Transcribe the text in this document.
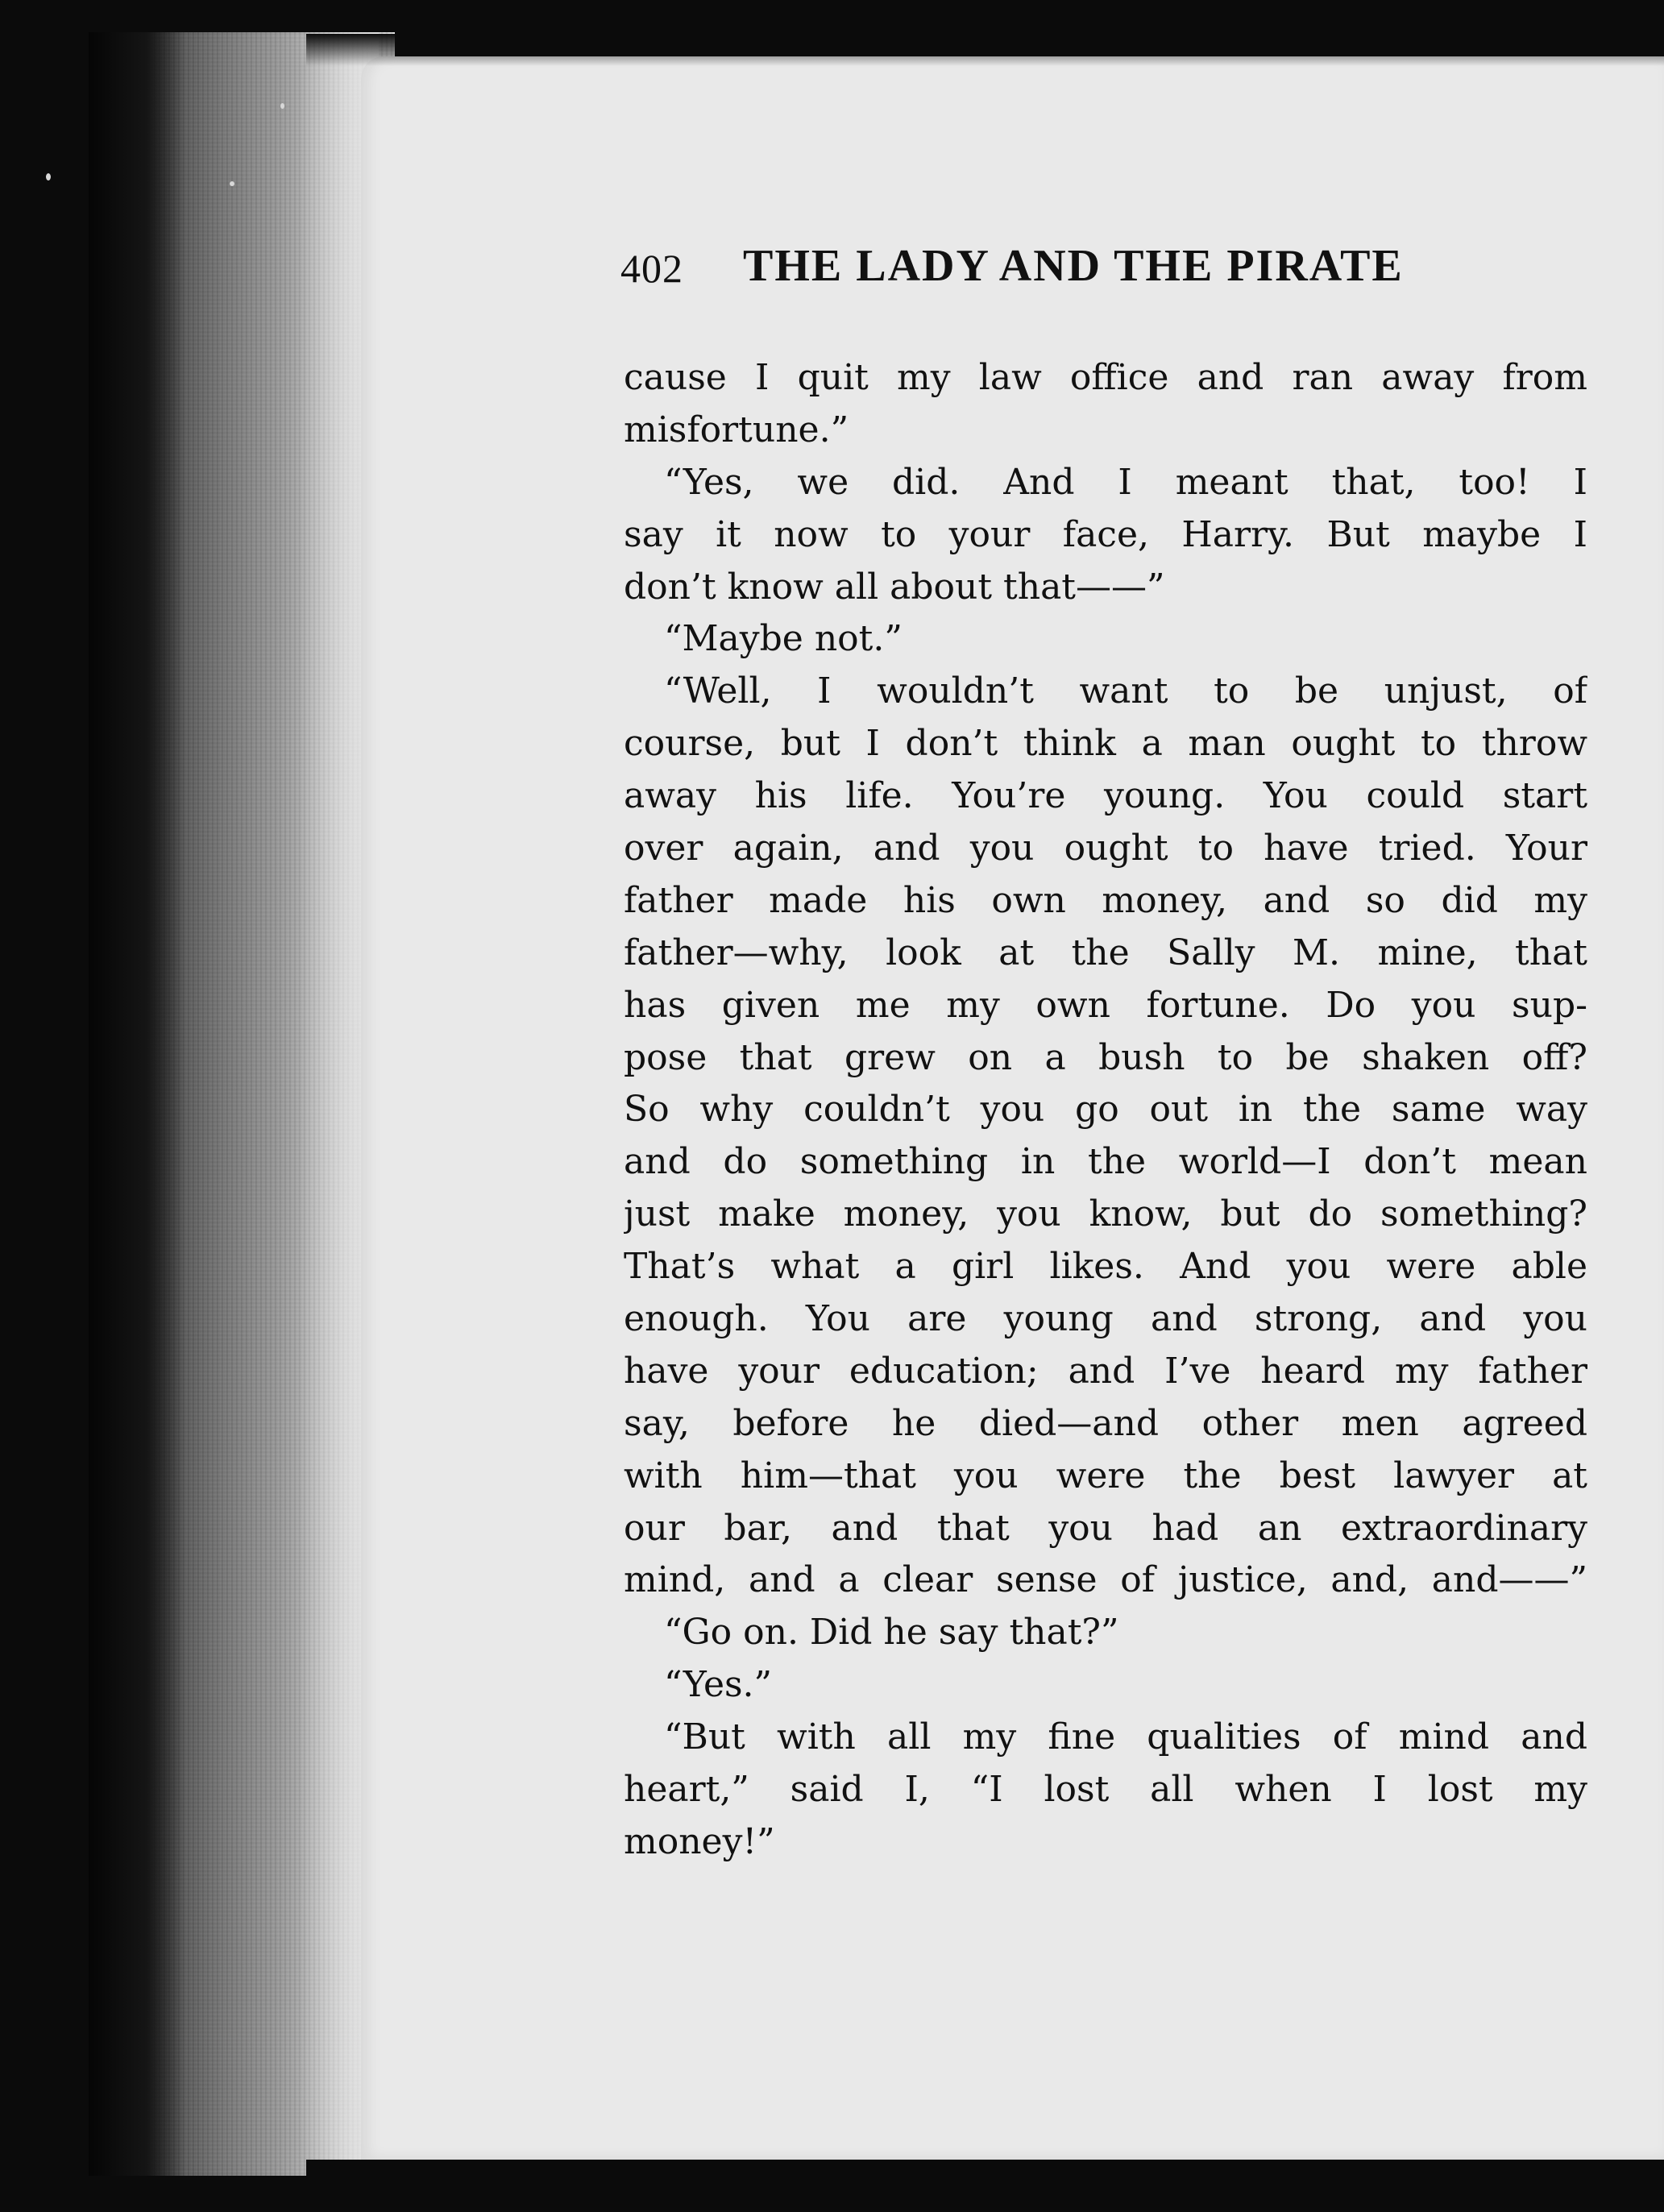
402 THE LADY AND THE PIRATE
cause I quit my law office and ran away from
misfortune.”
“Yes, we did. And I meant that, too! I
say it now to your face, Harry. But maybe I
don’t know all about that——”
“Maybe not.”
“Well, I wouldn’t want to be unjust, of
course, but I don’t think a man ought to throw
away his life. You’re young. You could start
over again, and you ought to have tried. Your
father made his own money, and so did my
father—why, look at the Sally M. mine, that
has given me my own fortune. Do you sup-
pose that grew on a bush to be shaken off?
So why couldn’t you go out in the same way
and do something in the world—I don’t mean
just make money, you know, but do something?
That’s what a girl likes. And you were able
enough. You are young and strong, and you
have your education; and I’ve heard my father
say, before he died—and other men agreed
with him—that you were the best lawyer at
our bar, and that you had an extraordinary
mind, and a clear sense of justice, and, and——”
“Go on. Did he say that?”
“Yes.”
“But with all my fine qualities of mind and
heart,” said I, “I lost all when I lost my
money!”
